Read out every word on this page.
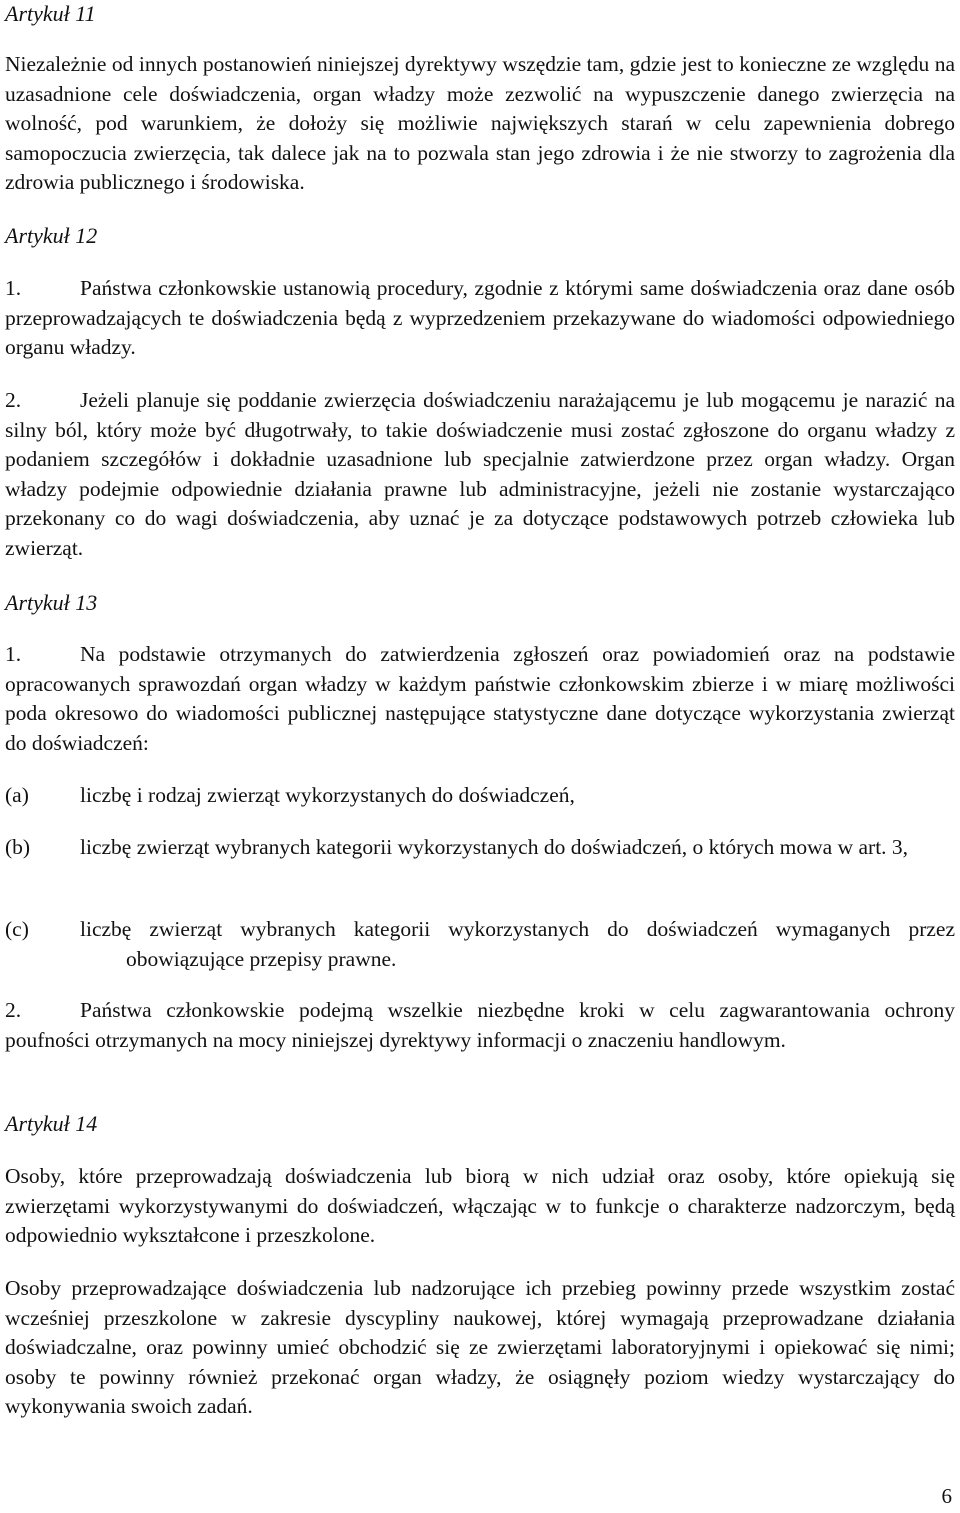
Artykuł 11

Niezależnie od innych postanowień niniejszej dyrektywy wszędzie tam, gdzie jest to konieczne ze względu na uzasadnione cele doświadczenia, organ władzy może zezwolić na wypuszczenie danego zwierzęcia na wolność, pod warunkiem, że dołoży się możliwie największych starań w celu zapewnienia dobrego samopoczucia zwierzęcia, tak dalece jak na to pozwala stan jego zdrowia i że nie stworzy to zagrożenia dla zdrowia publicznego i środowiska.

Artykuł 12

1.	Państwa członkowskie ustanowią procedury, zgodnie z którymi same doświadczenia oraz dane osób przeprowadzających te doświadczenia będą z wyprzedzeniem przekazywane do wiadomości odpowiedniego organu władzy.

2.	Jeżeli planuje się poddanie zwierzęcia doświadczeniu narażającemu je lub mogącemu je narazić na silny ból, który może być długotrwały, to takie doświadczenie musi zostać zgłoszone do organu władzy z podaniem szczegółów i dokładnie uzasadnione lub specjalnie zatwierdzone przez organ władzy. Organ władzy podejmie odpowiednie działania prawne lub administracyjne, jeżeli nie zostanie wystarczająco przekonany co do wagi doświadczenia, aby uznać je za dotyczące podstawowych potrzeb człowieka lub zwierząt.

Artykuł 13

1.	Na podstawie otrzymanych do zatwierdzenia zgłoszeń oraz powiadomień oraz na podstawie opracowanych sprawozdań organ władzy w każdym państwie członkowskim zbierze i w miarę możliwości poda okresowo do wiadomości publicznej następujące statystyczne dane dotyczące wykorzystania zwierząt do doświadczeń:

(a) liczbę i rodzaj zwierząt wykorzystanych do doświadczeń,
(b) liczbę zwierząt wybranych kategorii wykorzystanych do doświadczeń, o których mowa w art. 3,
(c) liczbę zwierząt wybranych kategorii wykorzystanych do doświadczeń wymaganych przez obowiązujące przepisy prawne.

2.	Państwa członkowskie podejmą wszelkie niezbędne kroki w celu zagwarantowania ochrony poufności otrzymanych na mocy niniejszej dyrektywy informacji o znaczeniu handlowym.

Artykuł 14

Osoby, które przeprowadzają doświadczenia lub biorą w nich udział oraz osoby, które opiekują się zwierzętami wykorzystywanymi do doświadczeń, włączając w to funkcje o charakterze nadzorczym, będą odpowiednio wykształcone i przeszkolone.

Osoby przeprowadzające doświadczenia lub nadzorujące ich przebieg powinny przede wszystkim zostać wcześniej przeszkolone w zakresie dyscypliny naukowej, której wymagają przeprowadzane działania doświadczalne, oraz powinny umieć obchodzić się ze zwierzętami laboratoryjnymi i opiekować się nimi; osoby te powinny również przekonać organ władzy, że osiągnęły poziom wiedzy wystarczający do wykonywania swoich zadań.

6
